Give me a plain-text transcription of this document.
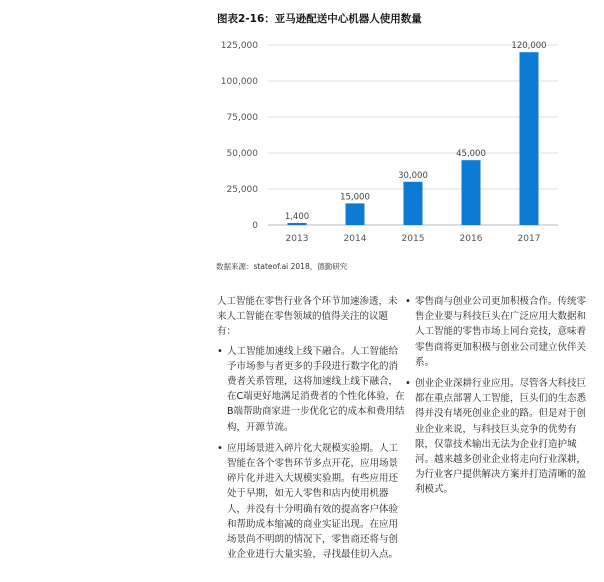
图表2-16：亚马逊配送中心机器人使用数量
0
25,000
50,000
75,000
100,000
125,000
1,400
2013
15,000
2014
30,000
2015
45,000
2016
120,000
2017
数据来源：stateof.ai 2018，德勤研究

人工智能在零售行业各个环节加速渗透，未来人工智能在零售领域的值得关注的议题有：

• 人工智能加速线上线下融合。人工智能给予市场参与者更多的手段进行数字化的消费者关系管理，这将加速线上线下融合，在C端更好地满足消费者的个性化体验，在B端帮助商家进一步优化它的成本和费用结构，开源节流。
• 应用场景进入碎片化大规模实验期。人工智能在各个零售环节多点开花，应用场景碎片化并进入大规模实验期。有些应用还处于早期，如无人零售和店内使用机器人，并没有十分明确有效的提高客户体验和帮助成本缩减的商业实证出现。在应用场景尚不明朗的情况下，零售商还将与创业企业进行大量实验，寻找最佳切入点。
• 零售商与创业公司更加积极合作。传统零售企业要与科技巨头在广泛应用大数据和人工智能的零售市场上同台竞技，意味着零售商将更加积极与创业公司建立伙伴关系。
• 创业企业深耕行业应用。尽管各大科技巨都在重点部署人工智能，巨头们的生态悉得并没有堵死创业企业的路。但是对于创业企业来说，与科技巨头竞争的优势有限，仅靠技术输出无法为企业打造护城河。越来越多创业企业将走向行业深耕，为行业客户提供解决方案并打造清晰的盈利模式。
